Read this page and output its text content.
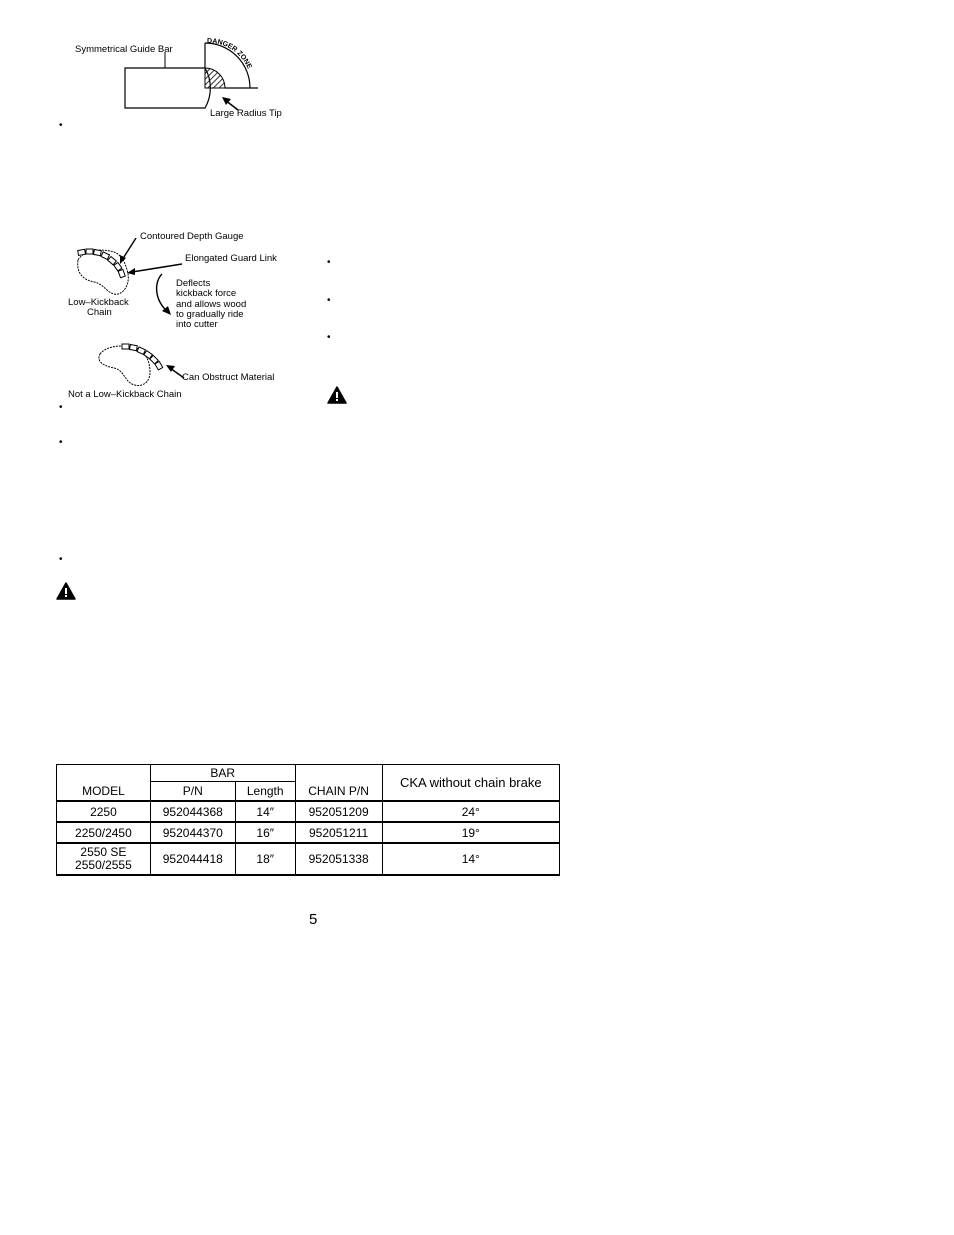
Symmetrical Guide Bar
DANGER ZONE
Large Radius Tip
•
Contoured Depth Gauge
Elongated Guard Link
Low–Kickback
Chain
Deflects
kickback force
and allows wood
to gradually ride
into cutter
Can Obstruct Material
Not a Low–Kickback Chain
•
•
•
•
•
•
MODEL	BAR		CHAIN P/N	CKA without chain brake
	P/N	Length		
2250	952044368	14″	952051209	24°
2250/2450	952044370	16″	952051211	19°

2550 SE
2550/2555	952044418	18″	952051338	14°
5
